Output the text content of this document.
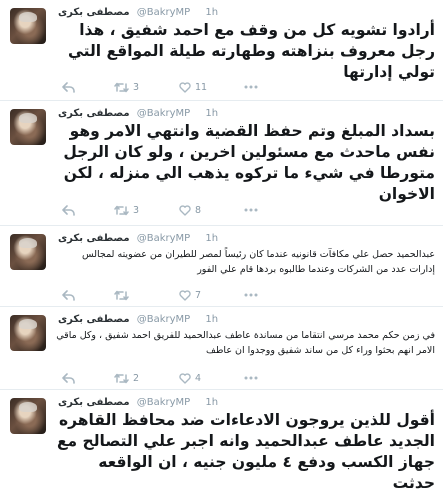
مصطفى بكرى @BakryMP 1h
أرادوا تشويه كل من وقف مع احمد شفيق ، هذا رجل معروف بنزاهته وطهارته طيلة المواقع التي تولي إدارتها
3	11
مصطفى بكرى @BakryMP 1h
بسداد المبلغ وتم حفظ القضية وانتهي الامر وهو نفس ماحدث مع مسئولين اخرين ، ولو كان الرجل متورطا في شيء ما تركوه يذهب الي منزله ، لكن الاخوان
3	8
مصطفى بكرى @BakryMP 1h
عبدالحميد حصل علي مكافآت قانونيه عندما كان رئيساً لمصر للطيران من عضويته لمجالس إدارات عدد من الشركات وعندما طالبوه بردها قام علي الفور
7
مصطفى بكرى @BakryMP 1h
في زمن حكم محمد مرسي انتقاما من مساندة عاطف عبدالحميد للفريق احمد شفيق ، وكل ماقي الامر انهم بحثوا وراء كل من ساند شفيق ووجدوا ان عاطف
2	4
مصطفى بكرى @BakryMP 1h
أقول للذين يروجون الادعاءات ضد محافظ القاهره الجديد عاطف عبدالحميد وانه اجبر علي التصالح مع جهاز الكسب ودفع ٤ مليون جنيه ، ان الواقعه حدثت
